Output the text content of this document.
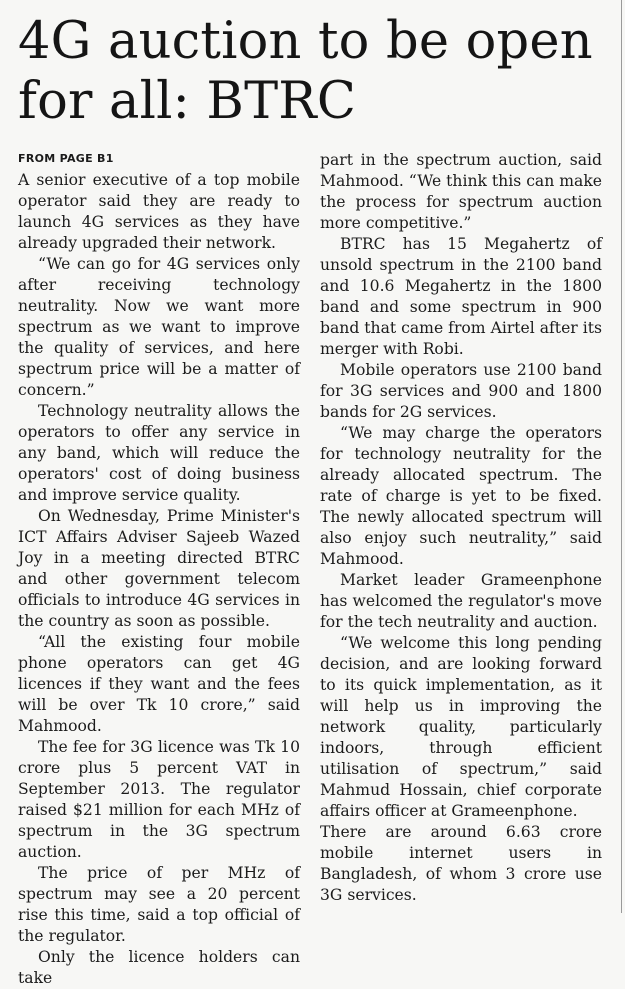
4G auction to be open for all: BTRC
FROM PAGE B1

A senior executive of a top mobile operator said they are ready to launch 4G services as they have already upgraded their network.

“We can go for 4G services only after receiving technology neutrality. Now we want more spectrum as we want to improve the quality of services, and here spectrum price will be a matter of concern.”

Technology neutrality allows the operators to offer any service in any band, which will reduce the operators' cost of doing business and improve service quality.

On Wednesday, Prime Minister's ICT Affairs Adviser Sajeeb Wazed Joy in a meeting directed BTRC and other government telecom officials to introduce 4G services in the country as soon as possible.

“All the existing four mobile phone operators can get 4G licences if they want and the fees will be over Tk 10 crore,” said Mahmood.

The fee for 3G licence was Tk 10 crore plus 5 percent VAT in September 2013. The regulator raised $21 million for each MHz of spectrum in the 3G spectrum auction.

The price of per MHz of spectrum may see a 20 percent rise this time, said a top official of the regulator.

Only the licence holders can take

part in the spectrum auction, said Mahmood. “We think this can make the process for spectrum auction more competitive.”

BTRC has 15 Megahertz of unsold spectrum in the 2100 band and 10.6 Megahertz in the 1800 band and some spectrum in 900 band that came from Airtel after its merger with Robi.

Mobile operators use 2100 band for 3G services and 900 and 1800 bands for 2G services.

“We may charge the operators for technology neutrality for the already allocated spectrum. The rate of charge is yet to be fixed. The newly allocated spectrum will also enjoy such neutrality,” said Mahmood.

Market leader Grameenphone has welcomed the regulator's move for the tech neutrality and auction.

“We welcome this long pending decision, and are looking forward to its quick implementation, as it will help us in improving the network quality, particularly indoors, through efficient utilisation of spectrum,” said Mahmud Hossain, chief corporate affairs officer at Grameenphone.

There are around 6.63 crore mobile internet users in Bangladesh, of whom 3 crore use 3G services.
